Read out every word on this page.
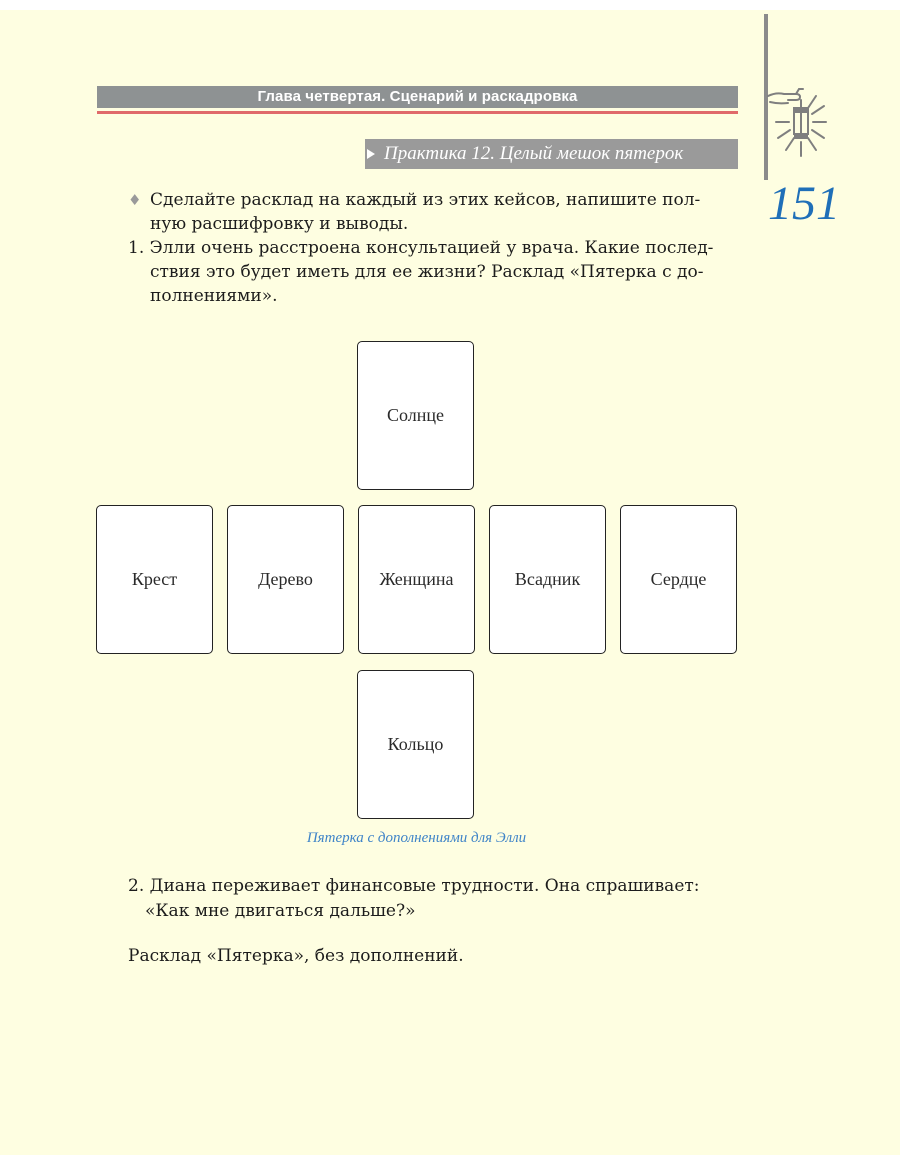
Глава четвертая. Сценарий и раскадровка
Практика 12. Целый мешок пятерок
151
♦ Сделайте расклад на каждый из этих кейсов, напишите пол-
ную расшифровку и выводы.
1. Элли очень расстроена консультацией у врача. Какие послед-
ствия это будет иметь для ее жизни? Расклад «Пятерка с до-
полнениями».
Солнце
Крест	Дерево	Женщина	Всадник	Сердце
Кольцо
Пятерка с дополнениями для Элли
2. Диана переживает финансовые трудности. Она спрашивает:
«Как мне двигаться дальше?»
Расклад «Пятерка», без дополнений.
